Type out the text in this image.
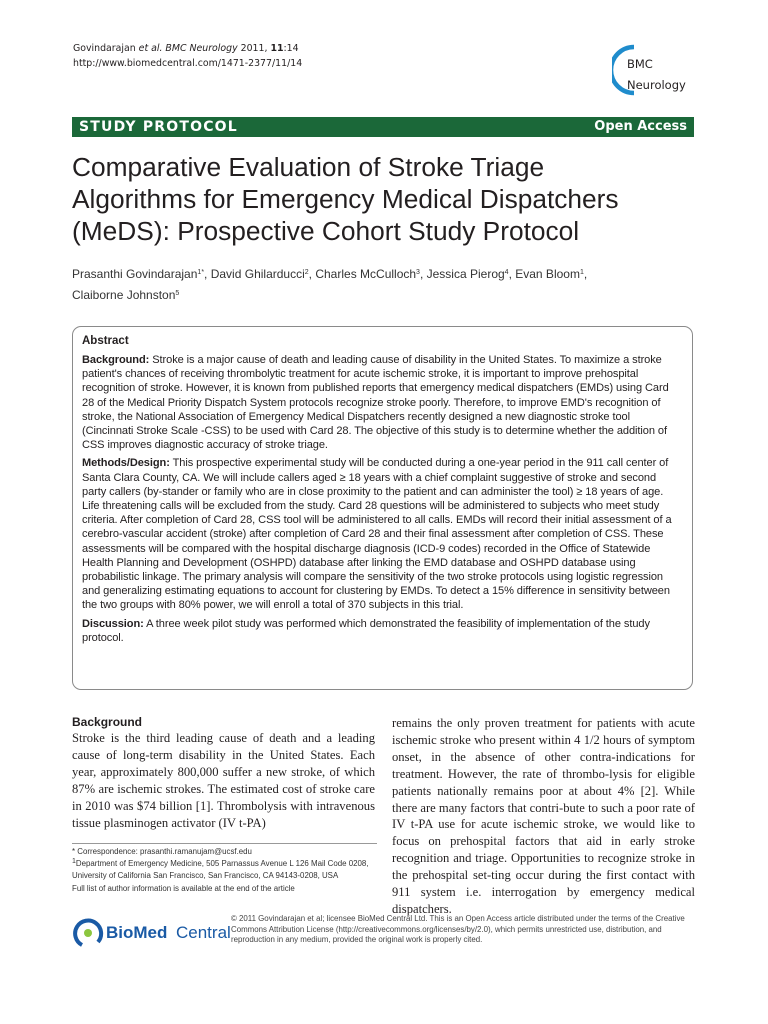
Govindarajan et al. BMC Neurology 2011, 11:14
http://www.biomedcentral.com/1471-2377/11/14	BMC
Neurology
STUDY PROTOCOL	Open Access
Comparative Evaluation of Stroke Triage
Algorithms for Emergency Medical Dispatchers
(MeDS): Prospective Cohort Study Protocol
Prasanthi Govindarajan$^{1*}$, David Ghilarducci$^2$, Charles McCulloch$^3$, Jessica Pierog$^4$, Evan Bloom$^1$,
Claiborne Johnston$^5$
Abstract

Background: Stroke is a major cause of death and leading cause of disability in the United States. To maximize a stroke patient's chances of receiving thrombolytic treatment for acute ischemic stroke, it is important to improve prehospital recognition of stroke. However, it is known from published reports that emergency medical dispatchers (EMDs) using Card 28 of the Medical Priority Dispatch System protocols recognize stroke poorly. Therefore, to improve EMD's recognition of stroke, the National Association of Emergency Medical Dispatchers recently designed a new diagnostic stroke tool (Cincinnati Stroke Scale -CSS) to be used with Card 28. The objective of this study is to determine whether the addition of CSS improves diagnostic accuracy of stroke triage.

Methods/Design: This prospective experimental study will be conducted during a one-year period in the 911 call center of Santa Clara County, CA. We will include callers aged ≥ 18 years with a chief complaint suggestive of stroke and second party callers (by-stander or family who are in close proximity to the patient and can administer the tool) ≥ 18 years of age. Life threatening calls will be excluded from the study. Card 28 questions will be administered to subjects who meet study criteria. After completion of Card 28, CSS tool will be administered to all calls. EMDs will record their initial assessment of a cerebro-vascular accident (stroke) after completion of Card 28 and their final assessment after completion of CSS. These assessments will be compared with the hospital discharge diagnosis (ICD-9 codes) recorded in the Office of Statewide Health Planning and Development (OSHPD) database after linking the EMD database and OSHPD database using probabilistic linkage. The primary analysis will compare the sensitivity of the two stroke protocols using logistic regression and generalizing estimating equations to account for clustering by EMDs. To detect a 15% difference in sensitivity between the two groups with 80% power, we will enroll a total of 370 subjects in this trial.

Discussion: A three week pilot study was performed which demonstrated the feasibility of implementation of the study protocol.

Background
Stroke is the third leading cause of death and a leading cause of long-term disability in the United States. Each year, approximately 800,000 suffer a new stroke, of which 87% are ischemic strokes. The estimated cost of stroke care in 2010 was $74 billion [1]. Thrombolysis with intravenous tissue plasminogen activator (IV t-PA)
remains the only proven treatment for patients with acute ischemic stroke who present within 4 1/2 hours of symptom onset, in the absence of other contra-indications for treatment. However, the rate of thrombo-lysis for eligible patients nationally remains poor at about 4% [2]. While there are many factors that contri-bute to such a poor rate of IV t-PA use for acute ischemic stroke, we would like to focus on prehospital factors that aid in early stroke recognition and triage. Opportunities to recognize stroke in the prehospital set-ting occur during the first contact with 911 system i.e. interrogation by emergency medical dispatchers.
* Correspondence: prasanthi.ramanujam@ucsf.edu
$^1$Department of Emergency Medicine, 505 Parnassus Avenue L 126 Mail Code 0208, University of California San Francisco, San Francisco, CA 94143-0208, USA
Full list of author information is available at the end of the article
BioMed Central
© 2011 Govindarajan et al; licensee BioMed Central Ltd. This is an Open Access article distributed under the terms of the Creative Commons Attribution License (http://creativecommons.org/licenses/by/2.0), which permits unrestricted use, distribution, and reproduction in any medium, provided the original work is properly cited.
